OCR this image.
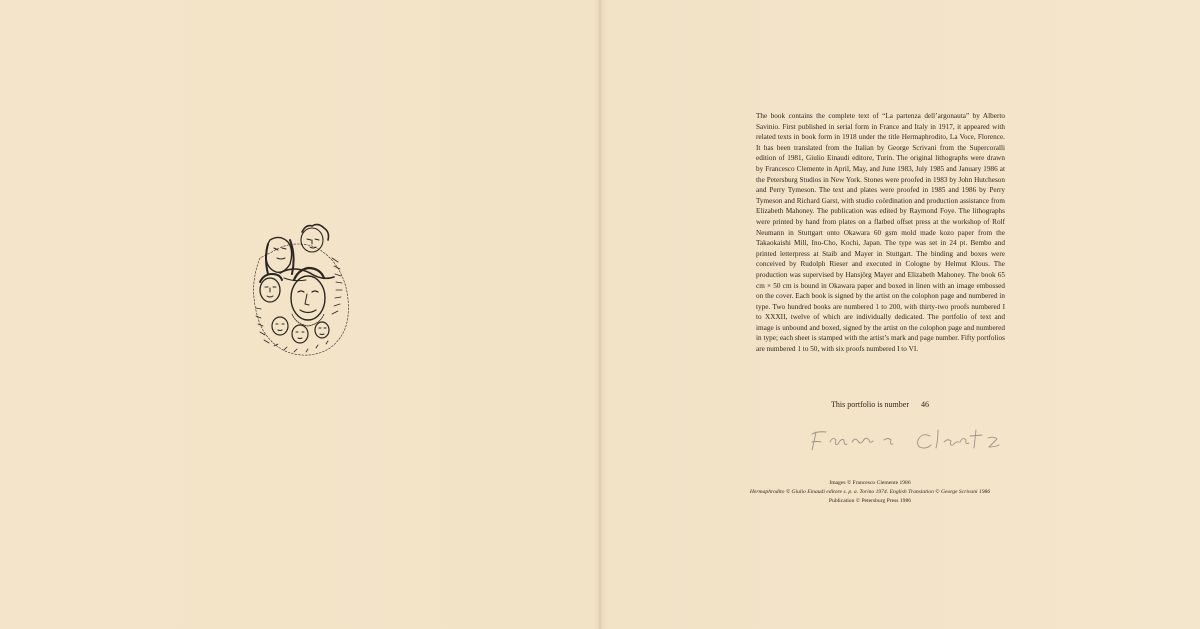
The book contains the complete text of “La partenza dell’argonauta” by Alberto Savinio. First published in serial form in France and Italy in 1917, it appeared with related texts in book form in 1918 under the title Hermaphrodito, La Voce, Florence. It has been translated from the Italian by George Scrivani from the Supercoralli edition of 1981, Giulio Einaudi editore, Turin. The original lithographs were drawn by Francesco Clemente in April, May, and June 1983, July 1985 and January 1986 at the Petersburg Studios in New York. Stones were proofed in 1983 by John Hutcheson and Perry Tymeson. The text and plates were proofed in 1985 and 1986 by Perry Tymeson and Richard Garst, with studio coördination and production assistance from Elizabeth Mahoney. The publication was edited by Raymond Foye. The lithographs were printed by hand from plates on a flatbed offset press at the workshop of Rolf Neumann in Stuttgart onto Okawara 60 gsm mold made kozo paper from the Takaokaishi Mill, Ino-Cho, Kochi, Japan. The type was set in 24 pt. Bembo and printed letterpress at Staib and Mayer in Stuttgart. The binding and boxes were conceived by Rudolph Rieser and executed in Cologne by Helmut Klous. The production was supervised by Hansjörg Mayer and Elizabeth Mahoney. The book 65 cm × 50 cm is bound in Okawara paper and boxed in linen with an image embossed on the cover. Each book is signed by the artist on the colophon page and numbered in type. Two hundred books are numbered 1 to 200, with thirty-two proofs numbered I to XXXII, twelve of which are individually dedicated. The portfolio of text and image is unbound and boxed, signed by the artist on the colophon page and numbered in type; each sheet is stamped with the artist’s mark and page number. Fifty portfolios are numbered 1 to 50, with six proofs numbered I to VI.

This portfolio is number 46
Images © Francesco Clemente 1986
Hermaphrodito © Giulio Einaudi editore s. p. a. Torino 1974. English Translation © George Scrivani 1986
Publication © Petersburg Press 1986
